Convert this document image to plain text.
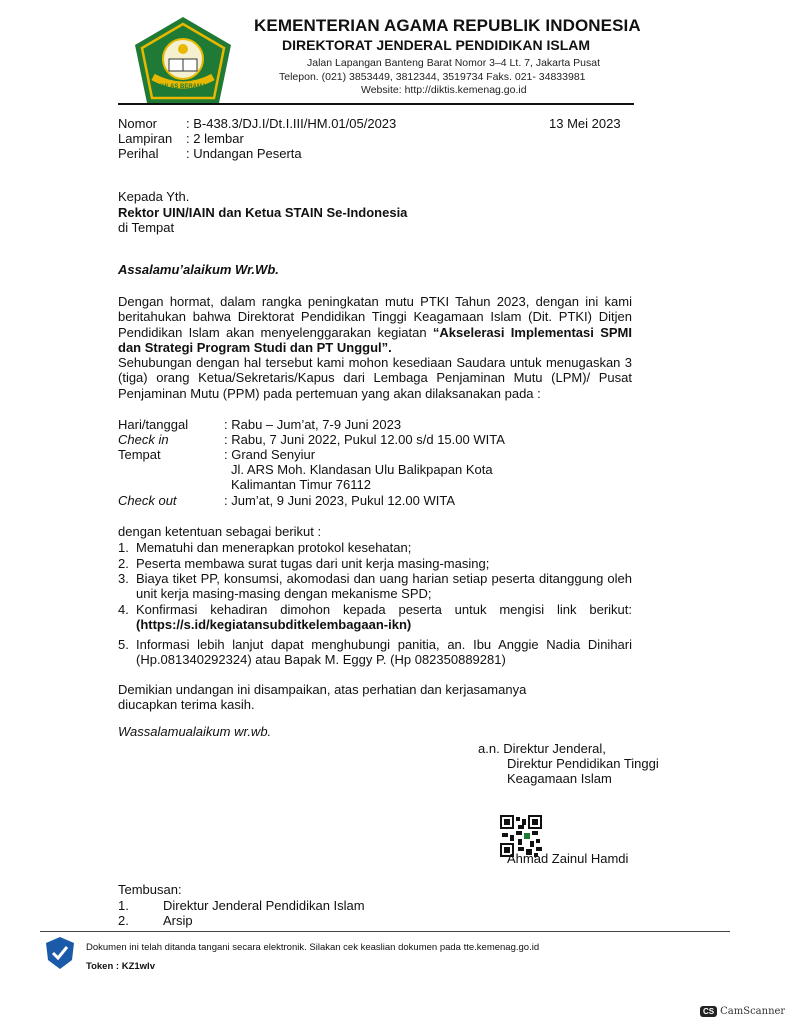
IKHLAS BERAMAL
KEMENTERIAN AGAMA REPUBLIK INDONESIA
DIREKTORAT JENDERAL PENDIDIKAN ISLAM
Jalan Lapangan Banteng Barat Nomor 3–4 Lt. 7, Jakarta Pusat
Telepon. (021) 3853449, 3812344, 3519734 Faks. 021- 34833981
Website: http://diktis.kemenag.go.id
Nomor : B-438.3/DJ.I/Dt.I.III/HM.01/05/2023	13 Mei 2023
Lampiran : 2 lembar
Perihal : Undangan Peserta
Kepada Yth.
Rektor UIN/IAIN dan Ketua STAIN Se-Indonesia
di Tempat
Assalamu’alaikum Wr.Wb.
Dengan hormat, dalam rangka peningkatan mutu PTKI Tahun 2023, dengan ini kami beritahukan bahwa Direktorat Pendidikan Tinggi Keagamaan Islam (Dit. PTKI) Ditjen Pendidikan Islam akan menyelenggarakan kegiatan “Akselerasi Implementasi SPMI dan Strategi Program Studi dan PT Unggul”.
Sehubungan dengan hal tersebut kami mohon kesediaan Saudara untuk menugaskan 3 (tiga) orang Ketua/Sekretaris/Kapus dari Lembaga Penjaminan Mutu (LPM)/ Pusat Penjaminan Mutu (PPM) pada pertemuan yang akan dilaksanakan pada :
Hari/tanggal	: Rabu – Jum’at, 7-9 Juni 2023
Check in	: Rabu, 7 Juni 2022, Pukul 12.00 s/d 15.00 WITA
Tempat	: Grand Senyiur
Jl. ARS Moh. Klandasan Ulu Balikpapan Kota
Kalimantan Timur 76112
Check out	: Jum’at, 9 Juni 2023, Pukul 12.00 WITA
dengan ketentuan sebagai berikut :
1. Mematuhi dan menerapkan protokol kesehatan;
2. Peserta membawa surat tugas dari unit kerja masing-masing;
3. Biaya tiket PP, konsumsi, akomodasi dan uang harian setiap peserta ditanggung oleh unit kerja masing-masing dengan mekanisme SPD;
4. Konfirmasi kehadiran dimohon kepada peserta untuk mengisi link berikut:
(https://s.id/kegiatansubditkelembagaan-ikn)
5. Informasi lebih lanjut dapat menghubungi panitia, an. Ibu Anggie Nadia Dinihari
(Hp.081340292324) atau Bapak M. Eggy P. (Hp 082350889281)
Demikian undangan ini disampaikan, atas perhatian dan kerjasamanya
diucapkan terima kasih.
Wassalamualaikum wr.wb.
a.n. Direktur Jenderal,
Direktur Pendidikan Tinggi
Keagamaan Islam
Ahmad Zainul Hamdi
Tembusan:
1.	Direktur Jenderal Pendidikan Islam
2.	Arsip
Dokumen ini telah ditanda tangani secara elektronik. Silakan cek keaslian dokumen pada tte.kemenag.go.id
Token : KZ1wlv
CS CamScanner
